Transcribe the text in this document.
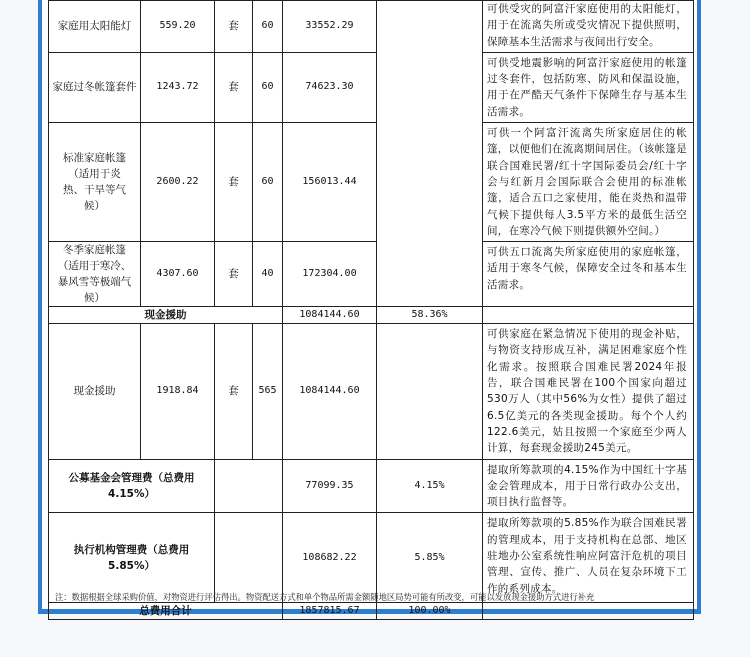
家庭用太阳能灯	559.20	套	60	33552.29		可供受灾的阿富汗家庭使用的太阳能灯，用于在流离失所或受灾情况下提供照明，保障基本生活需求与夜间出行安全。
家庭过冬帐篷套件	1243.72	套	60	74623.30		可供受地震影响的阿富汗家庭使用的帐篷过冬套件，包括防寒、防风和保温设施，用于在严酷天气条件下保障生存与基本生活需求。
标准家庭帐篷（适用于炎热、干旱等气候）	2600.22	套	60	156013.44		可供一个阿富汗流离失所家庭居住的帐篷，以便他们在流离期间居住。（该帐篷是联合国难民署/红十字国际委员会/红十字会与红新月会国际联合会使用的标准帐篷，适合五口之家使用，能在炎热和温带气候下提供每人3.5平方米的最低生活空间，在寒冷气候下则提供额外空间。）
冬季家庭帐篷（适用于寒冷、暴风雪等极端气候）	4307.60	套	40	172304.00		可供五口流离失所家庭使用的家庭帐篷，适用于寒冬气候，保障安全过冬和基本生活需求。
现金援助				1084144.60	58.36%	
现金援助	1918.84	套	565	1084144.60		可供家庭在紧急情况下使用的现金补贴，与物资支持形成互补，满足困难家庭个性化需求。按照联合国难民署2024年报告，联合国难民署在100个国家向超过530万人（其中56%为女性）提供了超过6.5亿美元的各类现金援助。每个个人约122.6美元，姑且按照一个家庭至少两人计算，每套现金援助245美元。
公募基金会管理费（总费用4.15%）				77099.35	4.15%	提取所筹款项的4.15%作为中国红十字基金会管理成本，用于日常行政办公支出，项目执行监督等。
执行机构管理费（总费用5.85%）				108682.22	5.85%	提取所筹款项的5.85%作为联合国难民署的管理成本，用于支持机构在总部、地区驻地办公室系统性响应阿富汗危机的项目管理、宣传、推广、人员在复杂环境下工作的系列成本。
总费用合计				1857815.67	100.00%	
注：数据根据全球采购价值，对物资进行评估得出。物资配送方式和单个物品所需金额随地区局势可能有所改变，可能以发放现金援助方式进行补充
